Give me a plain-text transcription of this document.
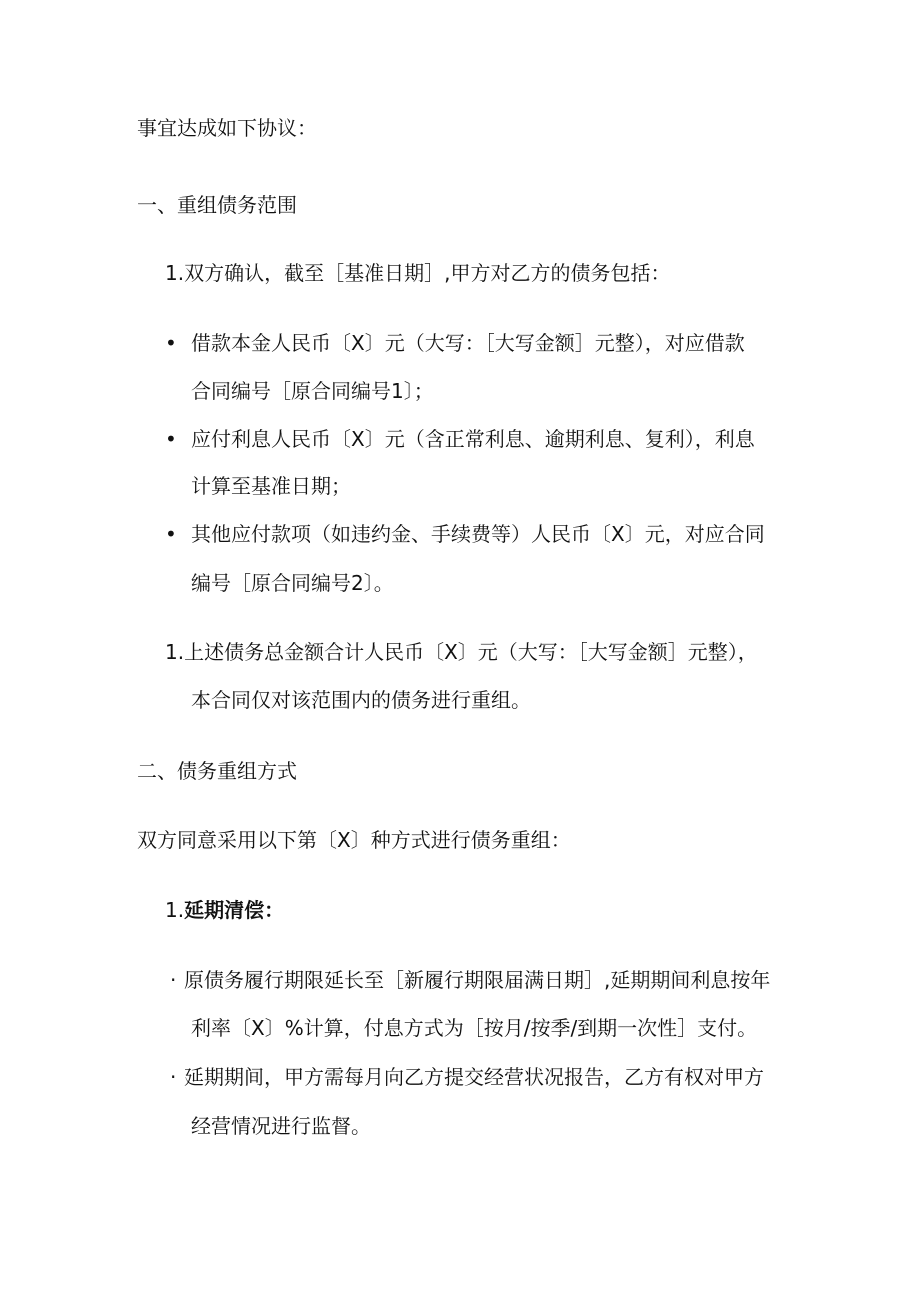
事宜达成如下协议：
一、重组债务范围
1.双方确认，截至［基准日期］,甲方对乙方的债务包括：
• 借款本金人民币〔X〕元（大写：［大写金额］元整），对应借款
合同编号［原合同编号1〕；
• 应付利息人民币〔X〕元（含正常利息、逾期利息、复利），利息
计算至基准日期；
• 其他应付款项（如违约金、手续费等）人民币〔X〕元，对应合同
编号［原合同编号2〕。
1.上述债务总金额合计人民币〔X〕元（大写：［大写金额］元整），
本合同仅对该范围内的债务进行重组。
二、债务重组方式
双方同意采用以下第〔X〕种方式进行债务重组：
1.延期清偿：
· 原债务履行期限延长至［新履行期限届满日期］,延期期间利息按年
利率〔X〕%计算，付息方式为［按月/按季/到期一次性］支付。
· 延期期间，甲方需每月向乙方提交经营状况报告，乙方有权对甲方
经营情况进行监督。
